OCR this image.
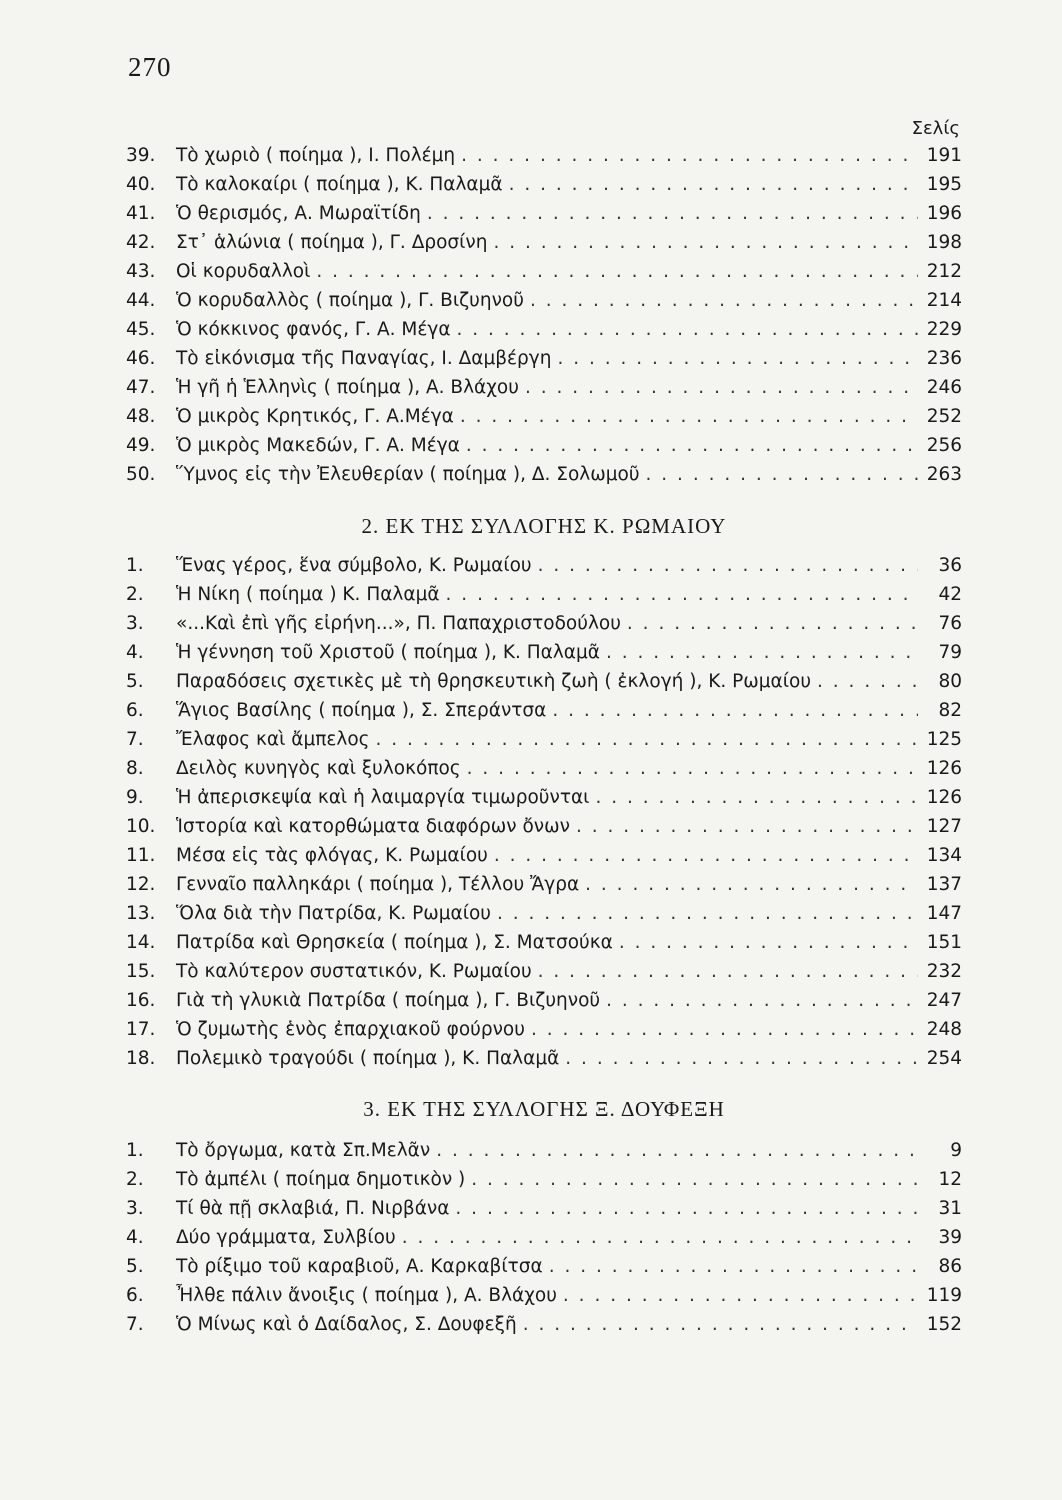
270
Σελίς
39.	Τὸ χωριὸ ( ποίημα ), Ι. Πολέμη . . .	191
40.	Τὸ καλοκαίρι ( ποίημα ), Κ. Παλαμᾶ . . .	195
41.	Ὁ θερισμός, Α. Μωραϊτίδη . . .	196
42.	Στ᾽ ἁλώνια ( ποίημα ), Γ. Δροσίνη . . .	198
43.	Οἱ κορυδαλλοὶ . . .	212
44.	Ὁ κορυδαλλὸς ( ποίημα ), Γ. Βιζυηνοῦ . . .	214
45.	Ὁ κόκκινος φανός, Γ. Α. Μέγα . . .	229
46.	Τὸ εἰκόνισμα τῆς Παναγίας, Ι. Δαμβέργη . . .	236
47.	Ἡ γῆ ἡ Ἑλληνὶς ( ποίημα ), Α. Βλάχου . . .	246
48.	Ὁ μικρὸς Κρητικός, Γ. Α.Μέγα . . .	252
49.	Ὁ μικρὸς Μακεδών, Γ. Α. Μέγα . . .	256
50.	Ὕμνος εἰς τὴν Ἐλευθερίαν ( ποίημα ), Δ. Σολωμοῦ . . .	263
2. ΕΚ ΤΗΣ ΣΥΛΛΟΓΗΣ Κ. ΡΩΜΑΙΟΥ
1.	Ἕνας γέρος, ἕνα σύμβολο, Κ. Ρωμαίου . . .	36
2.	Ἡ Νίκη ( ποίημα ) Κ. Παλαμᾶ . . .	42
3.	«...Καὶ ἐπὶ γῆς εἰρήνη...», Π. Παπαχριστοδούλου . . .	76
4.	Ἡ γέννηση τοῦ Χριστοῦ ( ποίημα ), Κ. Παλαμᾶ . . .	79
5.	Παραδόσεις σχετικὲς μὲ τὴ θρησκευτικὴ ζωὴ ( ἐκλογή ), Κ. Ρωμαίου . . .	80
6.	Ἅγιος Βασίλης ( ποίημα ), Σ. Σπεράντσα . . .	82
7.	Ἔλαφος καὶ ἄμπελος . . .	125
8.	Δειλὸς κυνηγὸς καὶ ξυλοκόπος . . .	126
9.	Ἡ ἀπερισκεψία καὶ ἡ λαιμαργία τιμωροῦνται . . .	126
10.	Ἱστορία καὶ κατορθώματα διαφόρων ὄνων . . .	127
11.	Μέσα εἰς τὰς φλόγας, Κ. Ρωμαίου . . .	134
12.	Γενναῖο παλληκάρι ( ποίημα ), Τέλλου Ἄγρα . . .	137
13.	Ὅλα διὰ τὴν Πατρίδα, Κ. Ρωμαίου . . .	147
14.	Πατρίδα καὶ Θρησκεία ( ποίημα ), Σ. Ματσούκα . . .	151
15.	Τὸ καλύτερον συστατικόν, Κ. Ρωμαίου . . .	232
16.	Γιὰ τὴ γλυκιὰ Πατρίδα ( ποίημα ), Γ. Βιζυηνοῦ . . .	247
17.	Ὁ ζυμωτὴς ἑνὸς ἐπαρχιακοῦ φούρνου . . .	248
18.	Πολεμικὸ τραγούδι ( ποίημα ), Κ. Παλαμᾶ . . .	254
3. ΕΚ ΤΗΣ ΣΥΛΛΟΓΗΣ Ξ. ΔΟΥΦΕΞΗ
1.	Τὸ ὄργωμα, κατὰ Σπ.Μελᾶν . . .	9
2.	Τὸ ἀμπέλι ( ποίημα δημοτικὸν ) . . .	12
3.	Τί θὰ πῇ σκλαβιά, Π. Νιρβάνα . . .	31
4.	Δύο γράμματα, Συλβίου . . .	39
5.	Τὸ ρίξιμο τοῦ καραβιοῦ, Α. Καρκαβίτσα . . .	86
6.	Ἦλθε πάλιν ἄνοιξις ( ποίημα ), Α. Βλάχου . . .	119
7.	Ὁ Μίνως καὶ ὁ Δαίδαλος, Σ. Δουφεξῆ . . .	152
